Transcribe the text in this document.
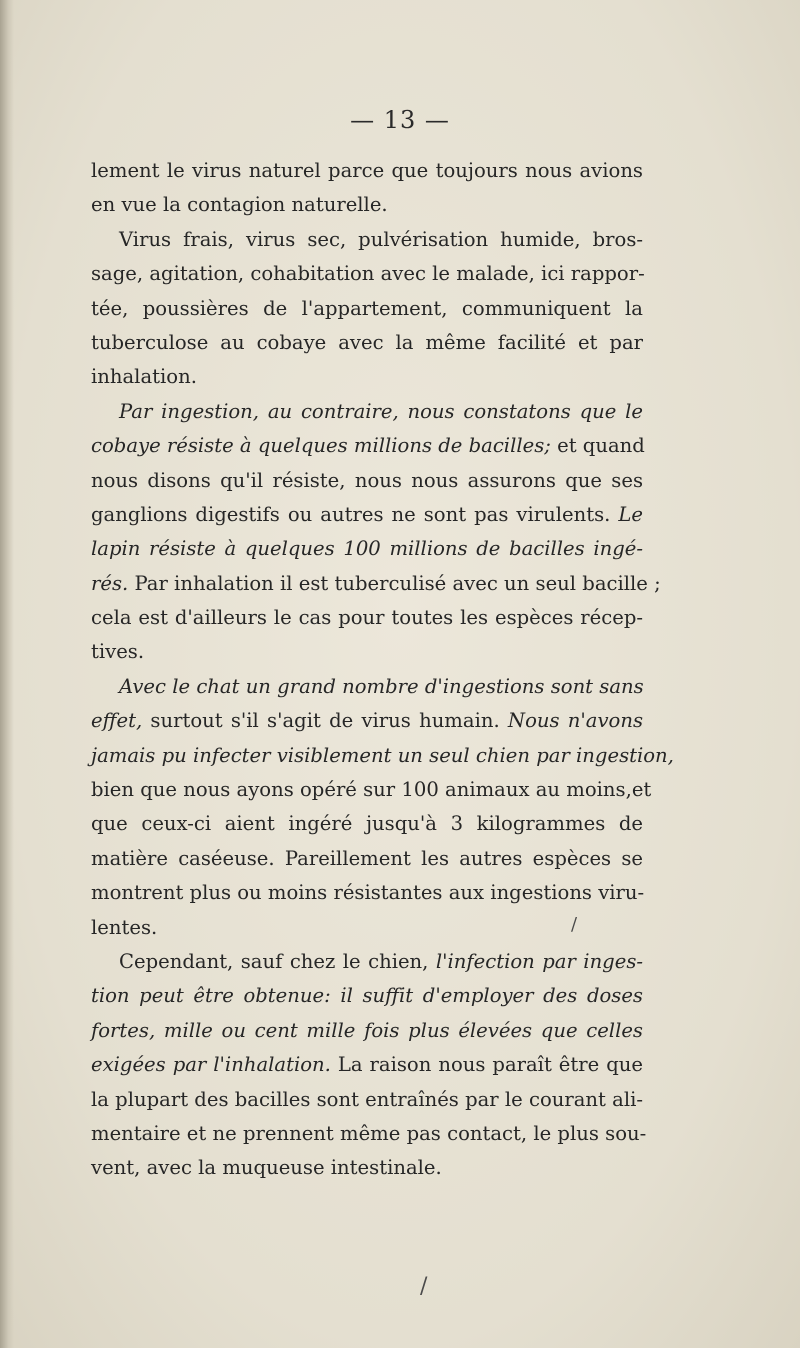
— 13 —
lement le virus naturel parce que toujours nous avions
en vue la contagion naturelle.
Virus frais, virus sec, pulvérisation humide, bros-
sage, agitation, cohabitation avec le malade, ici rappor-
tée, poussières de l'appartement, communiquent la
tuberculose au cobaye avec la même facilité et par
inhalation.
Par ingestion, au contraire, nous constatons que le
cobaye résiste à quelques millions de bacilles; et quand
nous disons qu'il résiste, nous nous assurons que ses
ganglions digestifs ou autres ne sont pas virulents. Le
lapin résiste à quelques 100 millions de bacilles ingé-
rés. Par inhalation il est tuberculisé avec un seul bacille ;
cela est d'ailleurs le cas pour toutes les espèces récep-
tives.
Avec le chat un grand nombre d'ingestions sont sans
effet, surtout s'il s'agit de virus humain. Nous n'avons
jamais pu infecter visiblement un seul chien par ingestion,
bien que nous ayons opéré sur 100 animaux au moins,et
que ceux-ci aient ingéré jusqu'à 3 kilogrammes de
matière caséeuse. Pareillement les autres espèces se
montrent plus ou moins résistantes aux ingestions viru-
lentes.
Cependant, sauf chez le chien, l'infection par inges-
tion peut être obtenue: il suffit d'employer des doses
fortes, mille ou cent mille fois plus élevées que celles
exigées par l'inhalation. La raison nous paraît être que
la plupart des bacilles sont entraînés par le courant ali-
mentaire et ne prennent même pas contact, le plus sou-
vent, avec la muqueuse intestinale.
/
/
